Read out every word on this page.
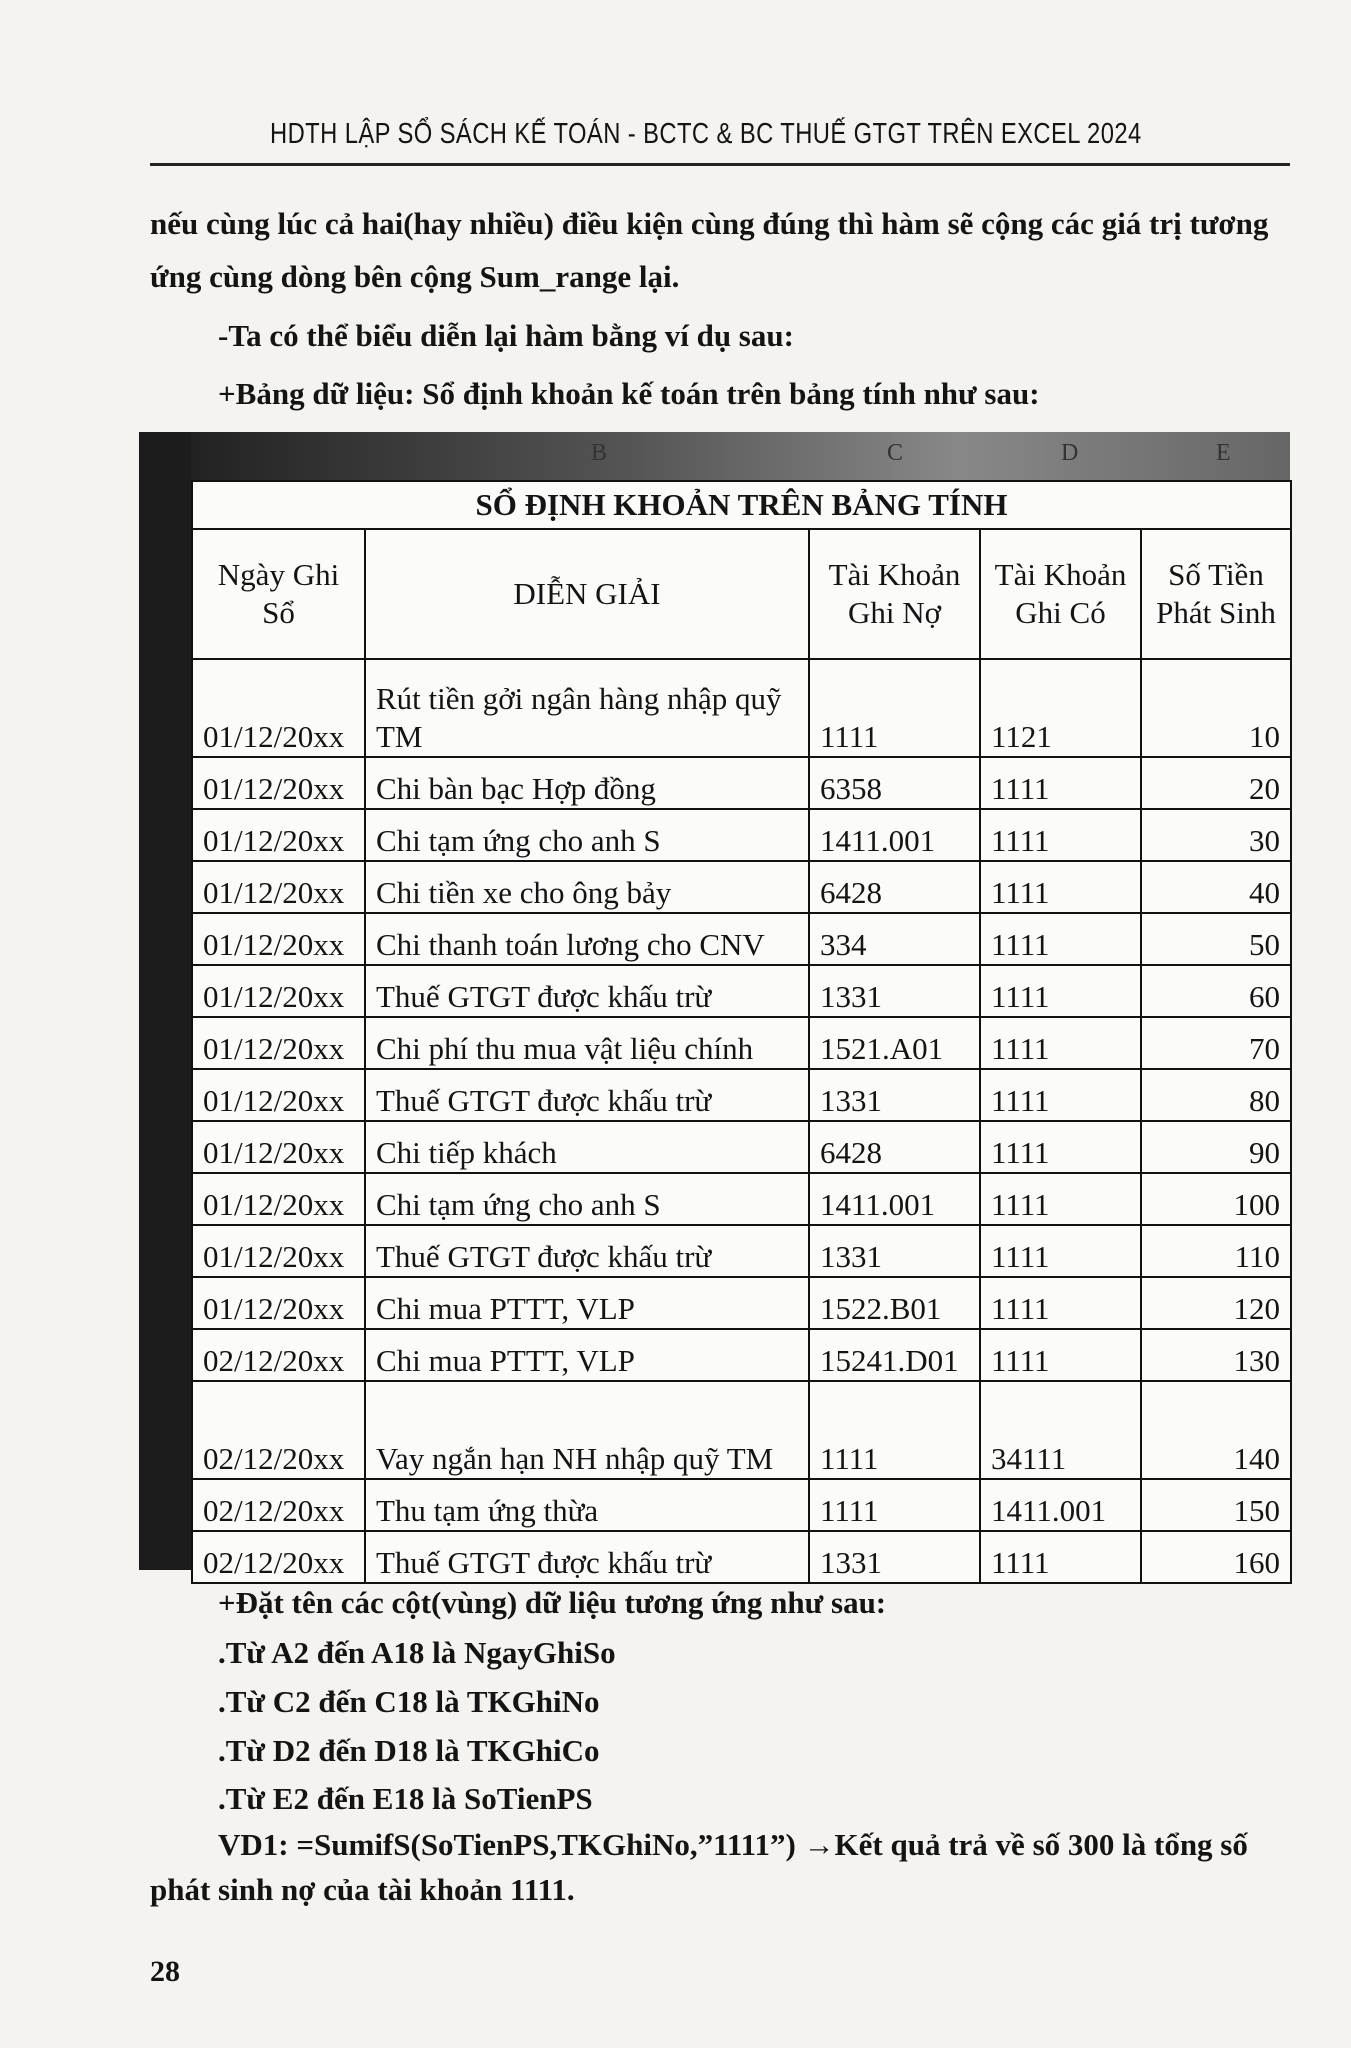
HDTH LẬP SỔ SÁCH KẾ TOÁN - BCTC & BC THUẾ GTGT TRÊN EXCEL 2024
nếu cùng lúc cả hai(hay nhiều) điều kiện cùng đúng thì hàm sẽ cộng các giá trị tương
ứng cùng dòng bên cộng Sum_range lại.
-Ta có thể biểu diễn lại hàm bằng ví dụ sau:
+Bảng dữ liệu: Sổ định khoản kế toán trên bảng tính như sau:
B	C	D	E
SỔ ĐỊNH KHOẢN TRÊN BẢNG TÍNH				
Ngày Ghi Sổ	DIỄN GIẢI	Tài Khoản Ghi Nợ	Tài Khoản Ghi Có	Số Tiền Phát Sinh
01/12/20xx	Rút tiền gởi ngân hàng nhập quỹ TM	1111	1121	10
01/12/20xx	Chi bàn bạc Hợp đồng	6358	1111	20
01/12/20xx	Chi tạm ứng cho anh S	1411.001	1111	30
01/12/20xx	Chi tiền xe cho ông bảy	6428	1111	40
01/12/20xx	Chi thanh toán lương cho CNV	334	1111	50
01/12/20xx	Thuế GTGT được khấu trừ	1331	1111	60
01/12/20xx	Chi phí thu mua vật liệu chính	1521.A01	1111	70
01/12/20xx	Thuế GTGT được khấu trừ	1331	1111	80
01/12/20xx	Chi tiếp khách	6428	1111	90
01/12/20xx	Chi tạm ứng cho anh S	1411.001	1111	100
01/12/20xx	Thuế GTGT được khấu trừ	1331	1111	110
01/12/20xx	Chi mua PTTT, VLP	1522.B01	1111	120
02/12/20xx	Chi mua PTTT, VLP	15241.D01	1111	130
02/12/20xx	Vay ngắn hạn NH nhập quỹ TM	1111	34111	140
02/12/20xx	Thu tạm ứng thừa	1111	1411.001	150
02/12/20xx	Thuế GTGT được khấu trừ	1331	1111	160
+Đặt tên các cột(vùng) dữ liệu tương ứng như sau:
.Từ A2 đến A18 là NgayGhiSo
.Từ C2 đến C18 là TKGhiNo
.Từ D2 đến D18 là TKGhiCo
.Từ E2 đến E18 là SoTienPS
VD1: =SumifS(SoTienPS,TKGhiNo,”1111”) →Kết quả trả về số 300 là tổng số
phát sinh nợ của tài khoản 1111.
28
